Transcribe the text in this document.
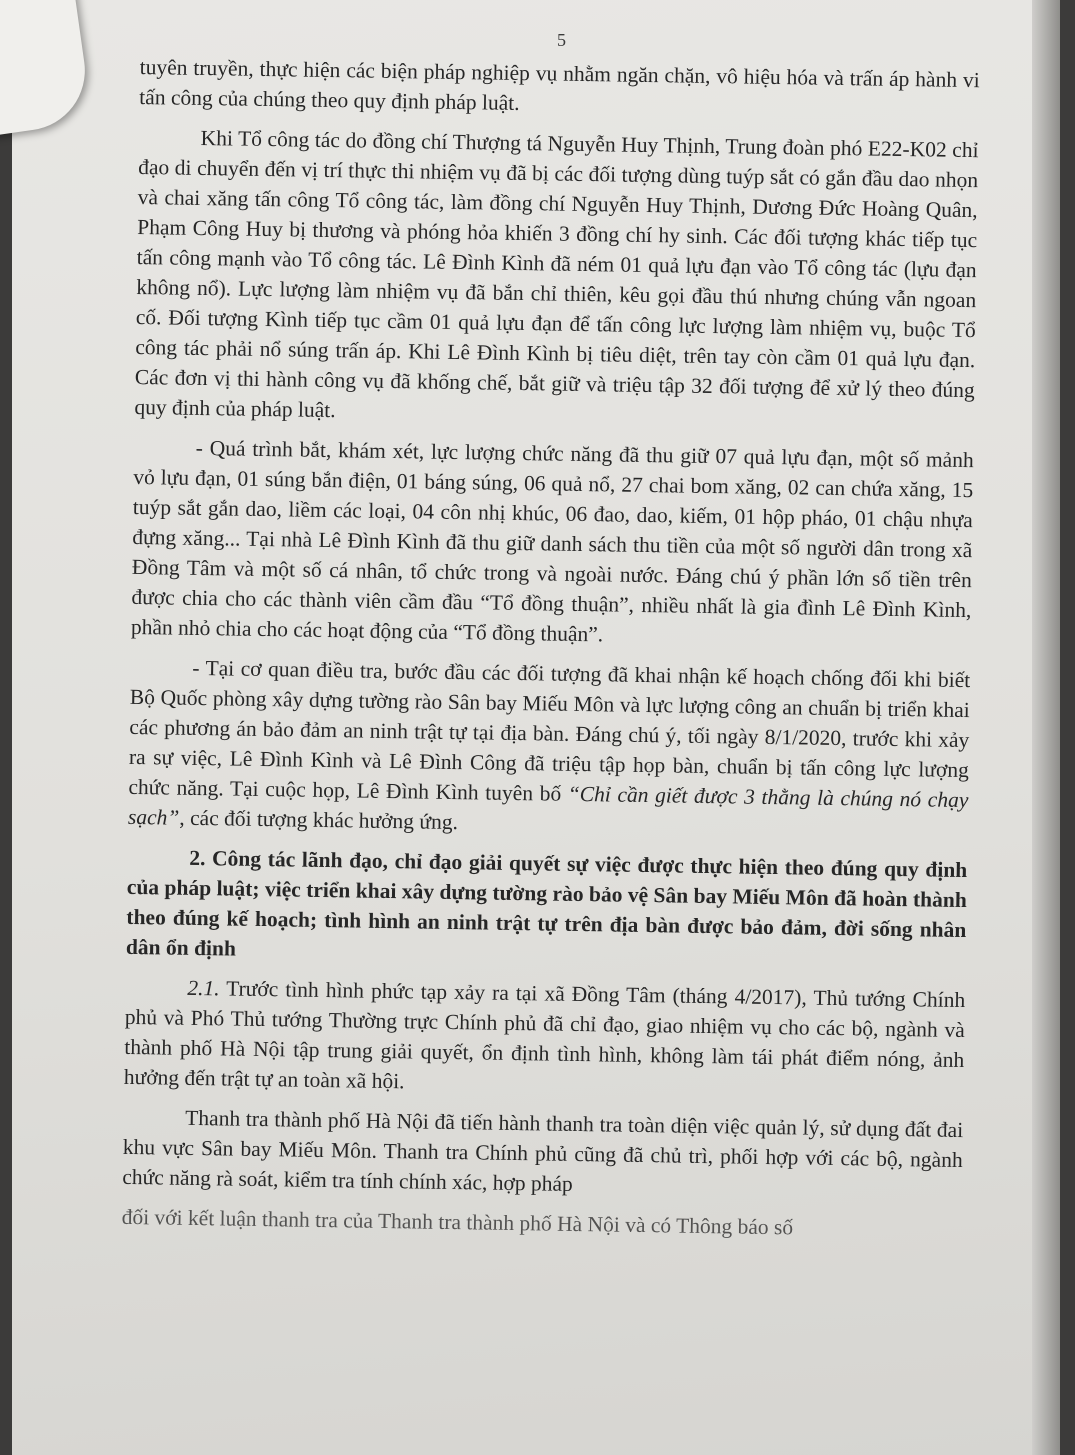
5

tuyên truyền, thực hiện các biện pháp nghiệp vụ nhằm ngăn chặn, vô hiệu hóa và trấn áp hành vi tấn công của chúng theo quy định pháp luật.

Khi Tổ công tác do đồng chí Thượng tá Nguyễn Huy Thịnh, Trung đoàn phó E22-K02 chỉ đạo di chuyển đến vị trí thực thi nhiệm vụ đã bị các đối tượng dùng tuýp sắt có gắn đầu dao nhọn và chai xăng tấn công Tổ công tác, làm đồng chí Nguyễn Huy Thịnh, Dương Đức Hoàng Quân, Phạm Công Huy bị thương và phóng hỏa khiến 3 đồng chí hy sinh. Các đối tượng khác tiếp tục tấn công mạnh vào Tổ công tác. Lê Đình Kình đã ném 01 quả lựu đạn vào Tổ công tác (lựu đạn không nổ). Lực lượng làm nhiệm vụ đã bắn chỉ thiên, kêu gọi đầu thú nhưng chúng vẫn ngoan cố. Đối tượng Kình tiếp tục cầm 01 quả lựu đạn để tấn công lực lượng làm nhiệm vụ, buộc Tổ công tác phải nổ súng trấn áp. Khi Lê Đình Kình bị tiêu diệt, trên tay còn cầm 01 quả lựu đạn. Các đơn vị thi hành công vụ đã khống chế, bắt giữ và triệu tập 32 đối tượng để xử lý theo đúng quy định của pháp luật.

- Quá trình bắt, khám xét, lực lượng chức năng đã thu giữ 07 quả lựu đạn, một số mảnh vỏ lựu đạn, 01 súng bắn điện, 01 báng súng, 06 quả nổ, 27 chai bom xăng, 02 can chứa xăng, 15 tuýp sắt gắn dao, liềm các loại, 04 côn nhị khúc, 06 đao, dao, kiếm, 01 hộp pháo, 01 chậu nhựa đựng xăng... Tại nhà Lê Đình Kình đã thu giữ danh sách thu tiền của một số người dân trong xã Đồng Tâm và một số cá nhân, tổ chức trong và ngoài nước. Đáng chú ý phần lớn số tiền trên được chia cho các thành viên cầm đầu “Tổ đồng thuận”, nhiều nhất là gia đình Lê Đình Kình, phần nhỏ chia cho các hoạt động của “Tổ đồng thuận”.

- Tại cơ quan điều tra, bước đầu các đối tượng đã khai nhận kế hoạch chống đối khi biết Bộ Quốc phòng xây dựng tường rào Sân bay Miếu Môn và lực lượng công an chuẩn bị triển khai các phương án bảo đảm an ninh trật tự tại địa bàn. Đáng chú ý, tối ngày 8/1/2020, trước khi xảy ra sự việc, Lê Đình Kình và Lê Đình Công đã triệu tập họp bàn, chuẩn bị tấn công lực lượng chức năng. Tại cuộc họp, Lê Đình Kình tuyên bố “Chỉ cần giết được 3 thằng là chúng nó chạy sạch”, các đối tượng khác hưởng ứng.

2. Công tác lãnh đạo, chỉ đạo giải quyết sự việc được thực hiện theo đúng quy định của pháp luật; việc triển khai xây dựng tường rào bảo vệ Sân bay Miếu Môn đã hoàn thành theo đúng kế hoạch; tình hình an ninh trật tự trên địa bàn được bảo đảm, đời sống nhân dân ổn định

2.1. Trước tình hình phức tạp xảy ra tại xã Đồng Tâm (tháng 4/2017), Thủ tướng Chính phủ và Phó Thủ tướng Thường trực Chính phủ đã chỉ đạo, giao nhiệm vụ cho các bộ, ngành và thành phố Hà Nội tập trung giải quyết, ổn định tình hình, không làm tái phát điểm nóng, ảnh hưởng đến trật tự an toàn xã hội.

Thanh tra thành phố Hà Nội đã tiến hành thanh tra toàn diện việc quản lý, sử dụng đất đai khu vực Sân bay Miếu Môn. Thanh tra Chính phủ cũng đã chủ trì, phối hợp với các bộ, ngành chức năng rà soát, kiểm tra tính chính xác, hợp pháp

đối với kết luận thanh tra của Thanh tra thành phố Hà Nội và có Thông báo số
